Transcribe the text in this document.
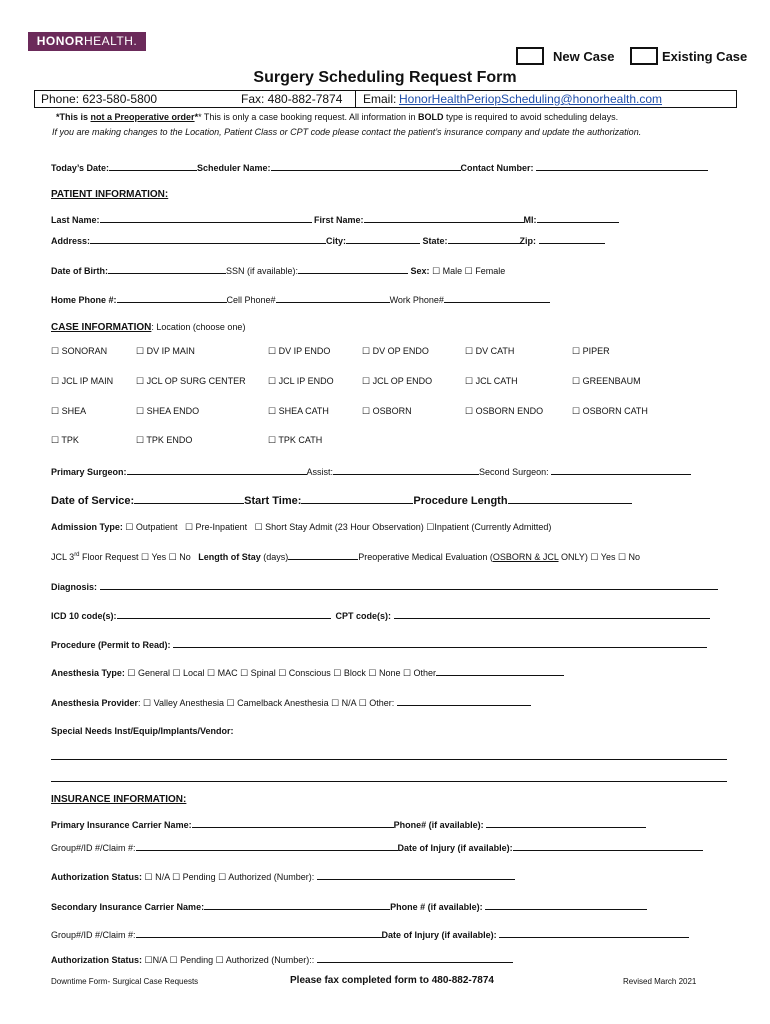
HONORHEALTH.
New Case	Existing Case
Surgery Scheduling Request Form
Phone: 623-580-5800	Fax: 480-882-7874 Email: HonorHealthPeriopScheduling@honorhealth.com
*This is not a Preoperative order** This is only a case booking request. All information in BOLD type is required to avoid scheduling delays.
If you are making changes to the Location, Patient Class or CPT code please contact the patient’s insurance company and update the authorization.
Today’s Date:	Scheduler Name:	Contact Number:
PATIENT INFORMATION:
Last Name:	First Name:	MI:
Address:	City:	State:	Zip:
Date of Birth:	SSN (if available):	Sex: ☐ Male ☐ Female
Home Phone #:	Cell Phone#	Work Phone#
CASE INFORMATION: Location (choose one)
☐ SONORAN	☐ DV IP MAIN	☐ DV IP ENDO	☐ DV OP ENDO	☐ DV CATH	☐ PIPER
☐ JCL IP MAIN	☐ JCL OP SURG CENTER ☐ JCL IP ENDO	☐ JCL OP ENDO	☐ JCL CATH	☐ GREENBAUM
☐ SHEA	☐ SHEA ENDO	☐ SHEA CATH	☐ OSBORN	☐ OSBORN ENDO	☐ OSBORN CATH
☐ TPK	☐ TPK ENDO	☐ TPK CATH
Primary Surgeon:	Assist:	Second Surgeon:
Date of Service:	Start Time:	Procedure Length
Admission Type: ☐ Outpatient ☐ Pre-Inpatient ☐ Short Stay Admit (23 Hour Observation) ☐Inpatient (Currently Admitted)
JCL 3rd Floor Request ☐ Yes ☐ No Length of Stay (days)	Preoperative Medical Evaluation (OSBORN & JCL ONLY) ☐ Yes ☐ No
Diagnosis:
ICD 10 code(s):	CPT code(s):
Procedure (Permit to Read):
Anesthesia Type: ☐ General ☐ Local ☐ MAC ☐ Spinal ☐ Conscious ☐ Block ☐ None ☐ Other
Anesthesia Provider: ☐ Valley Anesthesia ☐ Camelback Anesthesia ☐ N/A ☐ Other:
Special Needs Inst/Equip/Implants/Vendor:
INSURANCE INFORMATION:
Primary Insurance Carrier Name:	Phone# (if available):
Group#/ID #/Claim #:	Date of Injury (if available):
Authorization Status: ☐ N/A ☐ Pending ☐ Authorized (Number):
Secondary Insurance Carrier Name:	Phone # (if available):
Group#/ID #/Claim #:	Date of Injury (if available):
Authorization Status: ☐N/A ☐ Pending ☐ Authorized (Number)::
Downtime Form- Surgical Case Requests	Please fax completed form to 480-882-7874	Revised March 2021
